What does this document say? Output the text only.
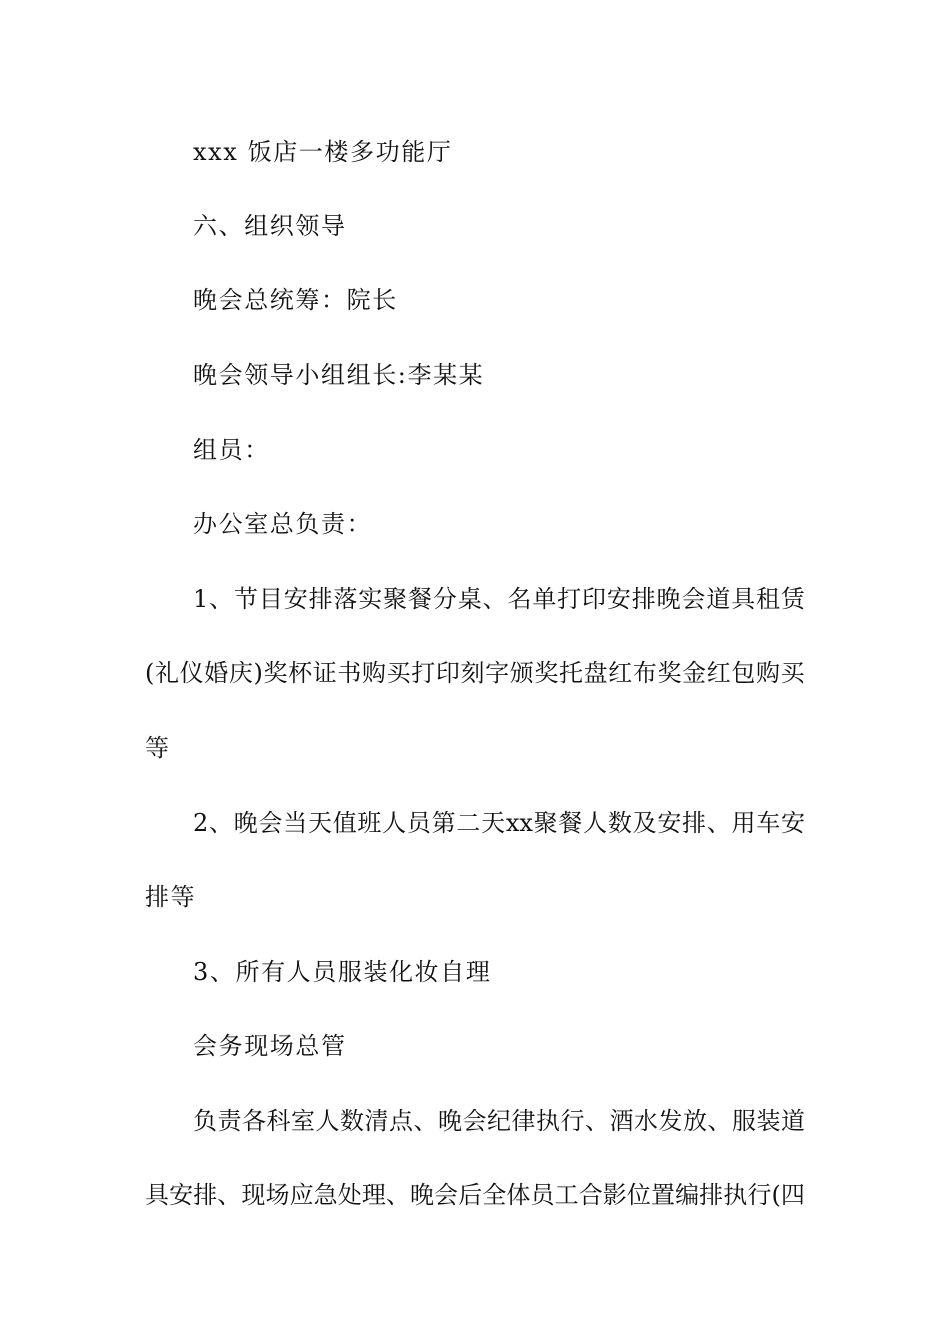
xxx 饭店一楼多功能厅
六、组织领导
晚会总统筹：院长
晚会领导小组组长:李某某
组员：
办公室总负责：
1 、 节 目 安 排 落 实 聚 餐 分 桌 、 名 单 打 印 安 排 晚 会 道 具 租 赁
( 礼 仪 婚 庆 ) 奖 杯 证 书 购 买 打 印 刻 字 颁 奖 托 盘 红 布 奖 金 红 包 购 买
等
2 、 晚 会 当 天 值 班 人 员 第 二 天 xx 聚 餐 人 数 及 安 排 、 用 车 安
排等
3、所有人员服装化妆自理
会务现场总管
负 责 各 科 室 人 数 清 点 、 晚 会 纪 律 执 行 、 酒 水 发 放 、 服 装 道
具 安 排 、 现 场 应 急 处 理 、 晚 会 后 全 体 员 工 合 影 位 置 编 排 执 行 ( 四
